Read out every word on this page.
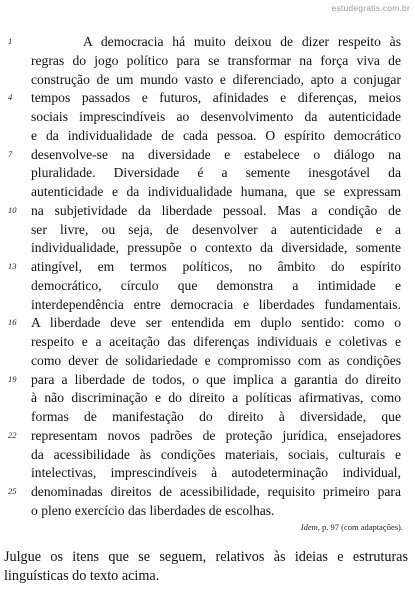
estudegratis.com.br
1	A democracia há muito deixou de dizer respeito às
regras do jogo político para se transformar na força viva de
construção de um mundo vasto e diferenciado, apto a conjugar
4	tempos passados e futuros, afinidades e diferenças, meios
sociais imprescindíveis ao desenvolvimento da autenticidade
e da individualidade de cada pessoa. O espírito democrático
7	desenvolve-se na diversidade e estabelece o diálogo na
pluralidade. Diversidade é a semente inesgotável da
autenticidade e da individualidade humana, que se expressam
10	na subjetividade da liberdade pessoal. Mas a condição de
ser livre, ou seja, de desenvolver a autenticidade e a
individualidade, pressupõe o contexto da diversidade, somente
13	atingível, em termos políticos, no âmbito do espírito
democrático, círculo que demonstra a intimidade e
interdependência entre democracia e liberdades fundamentais.
16	A liberdade deve ser entendida em duplo sentido: como o
respeito e a aceitação das diferenças individuais e coletivas e
como dever de solidariedade e compromisso com as condições
19	para a liberdade de todos, o que implica a garantia do direito
à não discriminação e do direito a políticas afirmativas, como
formas de manifestação do direito à diversidade, que
22	representam novos padrões de proteção jurídica, ensejadores
da acessibilidade às condições materiais, sociais, culturais e
intelectivas, imprescindíveis à autodeterminação individual,
25	denominadas direitos de acessibilidade, requisito primeiro para
o pleno exercício das liberdades de escolhas.
Idem, p. 97 (com adaptações).
Julgue os itens que se seguem, relativos às ideias e estruturas linguísticas do texto acima.
